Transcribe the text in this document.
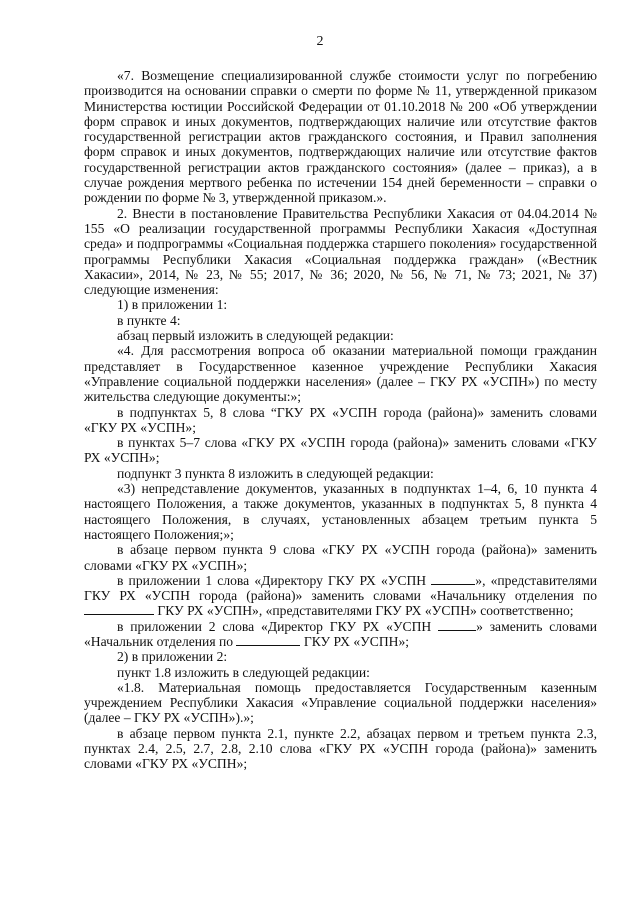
2

«7. Возмещение специализированной службе стоимости услуг по погребению производится на основании справки о смерти по форме № 11, утвержденной приказом Министерства юстиции Российской Федерации от 01.10.2018 № 200 «Об утверждении форм справок и иных документов, подтверждающих наличие или отсутствие фактов государственной регистрации актов гражданского состояния, и Правил заполнения форм справок и иных документов, подтверждающих наличие или отсутствие фактов государственной регистрации актов гражданского состояния» (далее – приказ), а в случае рождения мертвого ребенка по истечении 154 дней беременности – справки о рождении по форме № 3, утвержденной приказом.».

2. Внести в постановление Правительства Республики Хакасия от 04.04.2014 № 155 «О реализации государственной программы Республики Хакасия «Доступная среда» и подпрограммы «Социальная поддержка старшего поколения» государственной программы Республики Хакасия «Социальная поддержка граждан» («Вестник Хакасии», 2014, № 23, № 55; 2017, № 36; 2020, № 56, № 71, № 73; 2021, № 37) следующие изменения:

1) в приложении 1:

в пункте 4:

абзац первый изложить в следующей редакции:

«4. Для рассмотрения вопроса об оказании материальной помощи гражданин представляет в Государственное казенное учреждение Республики Хакасия «Управление социальной поддержки населения» (далее – ГКУ РХ «УСПН») по месту жительства следующие документы:»;

в подпунктах 5, 8 слова “ГКУ РХ «УСПН города (района)» заменить словами «ГКУ РХ «УСПН»;

в пунктах 5–7 слова «ГКУ РХ «УСПН города (района)» заменить словами «ГКУ РХ «УСПН»;

подпункт 3 пункта 8 изложить в следующей редакции:

«3) непредставление документов, указанных в подпунктах 1–4, 6, 10 пункта 4 настоящего Положения, а также документов, указанных в подпунктах 5, 8 пункта 4 настоящего Положения, в случаях, установленных абзацем третьим пункта 5 настоящего Положения;»;

в абзаце первом пункта 9 слова «ГКУ РХ «УСПН города (района)» заменить словами «ГКУ РХ «УСПН»;

в приложении 1 слова «Директору ГКУ РХ «УСПН	», «представителями ГКУ РХ «УСПН города (района)» заменить словами «Начальнику отделения по  ГКУ РХ «УСПН», «представителями ГКУ РХ «УСПН» соответственно;

в приложении 2 слова «Директор ГКУ РХ «УСПН	» заменить словами «Начальник отделения по	ГКУ РХ «УСПН»;

2) в приложении 2:

пункт 1.8 изложить в следующей редакции:

«1.8. Материальная помощь предоставляется Государственным казенным учреждением Республики Хакасия «Управление социальной поддержки населения» (далее – ГКУ РХ «УСПН»).»;

в абзаце первом пункта 2.1, пункте 2.2, абзацах первом и третьем пункта 2.3, пунктах 2.4, 2.5, 2.7, 2.8, 2.10 слова «ГКУ РХ «УСПН города (района)» заменить словами «ГКУ РХ «УСПН»;
